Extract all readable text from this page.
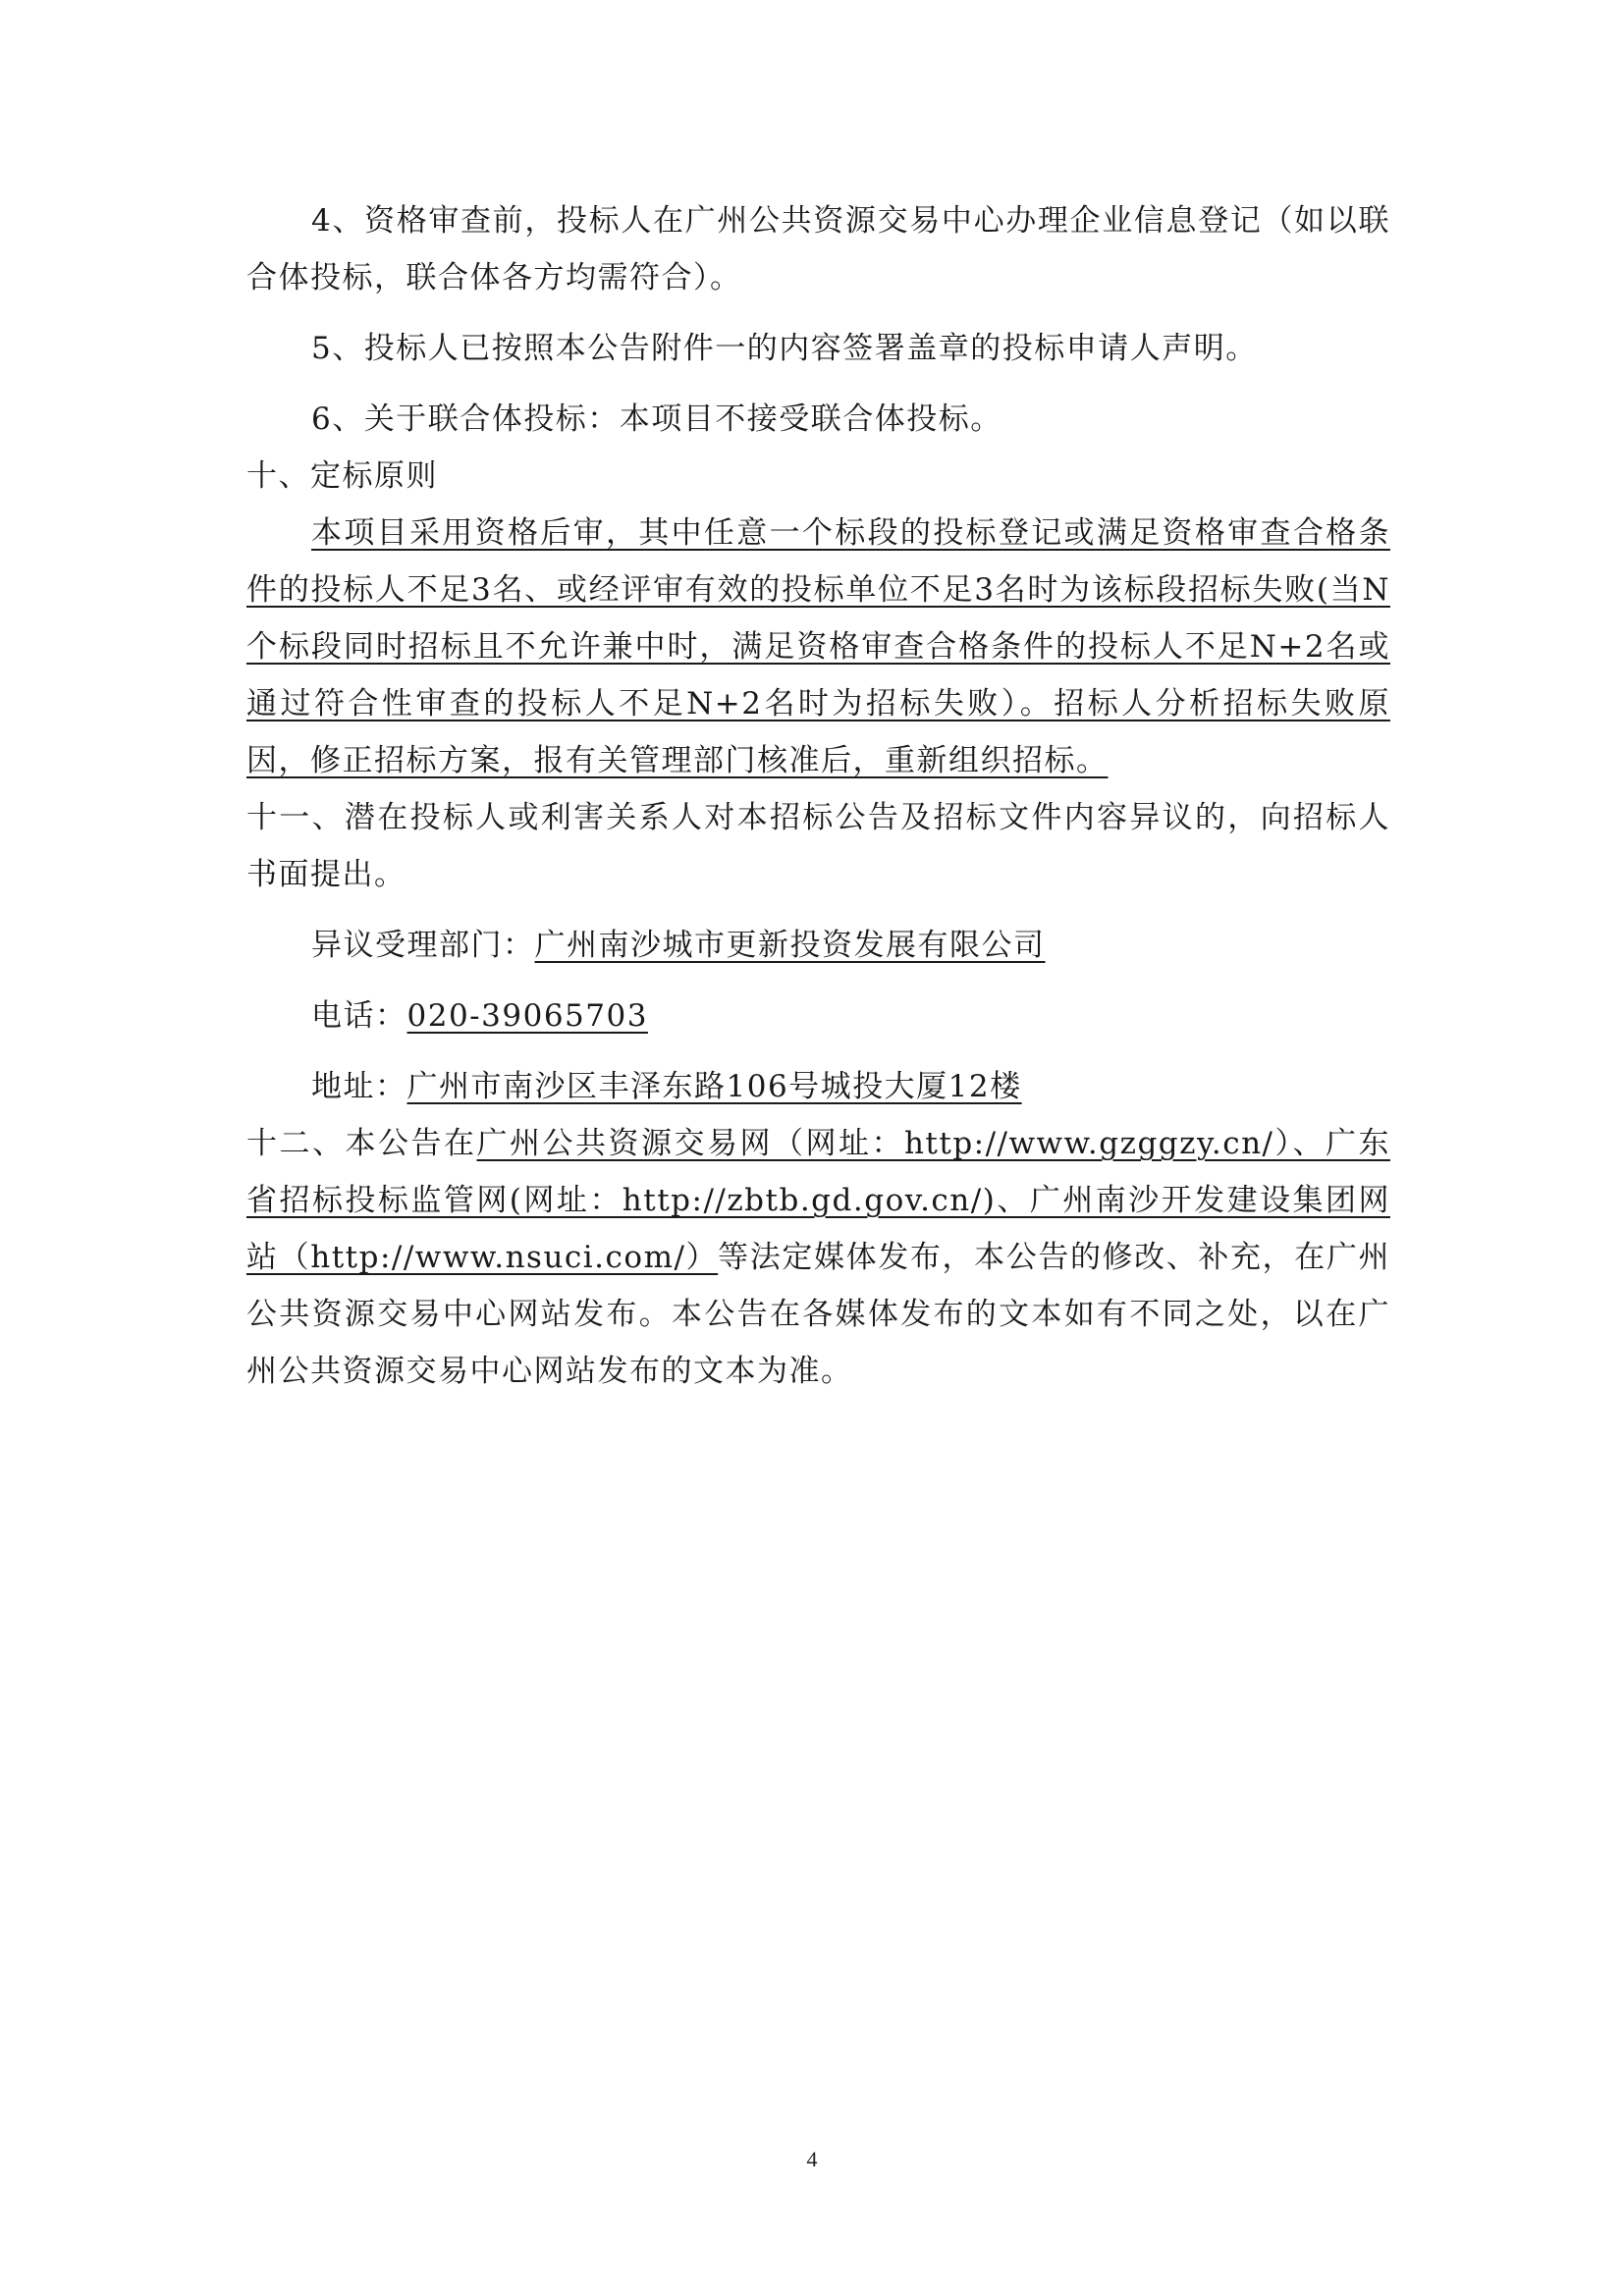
4、资格审查前，投标人在广州公共资源交易中心办理企业信息登记（如以联合体投标，联合体各方均需符合）。

5、投标人已按照本公告附件一的内容签署盖章的投标申请人声明。

6、关于联合体投标：本项目不接受联合体投标。

十、定标原则

本项目采用资格后审，其中任意一个标段的投标登记或满足资格审查合格条件的投标人不足3名、或经评审有效的投标单位不足3名时为该标段招标失败(当N个标段同时招标且不允许兼中时，满足资格审查合格条件的投标人不足N+2名或通过符合性审查的投标人不足N+2名时为招标失败）。招标人分析招标失败原因，修正招标方案，报有关管理部门核准后，重新组织招标。

十一、潜在投标人或利害关系人对本招标公告及招标文件内容异议的，向招标人书面提出。

异议受理部门：广州南沙城市更新投资发展有限公司

电话：020-39065703

地址：广州市南沙区丰泽东路106号城投大厦12楼

十二、本公告在广州公共资源交易网（网址：http://www.gzggzy.cn/）、广东省招标投标监管网(网址：http://zbtb.gd.gov.cn/)、广州南沙开发建设集团网站（http://www.nsuci.com/）等法定媒体发布，本公告的修改、补充，在广州公共资源交易中心网站发布。本公告在各媒体发布的文本如有不同之处，以在广州公共资源交易中心网站发布的文本为准。

4
